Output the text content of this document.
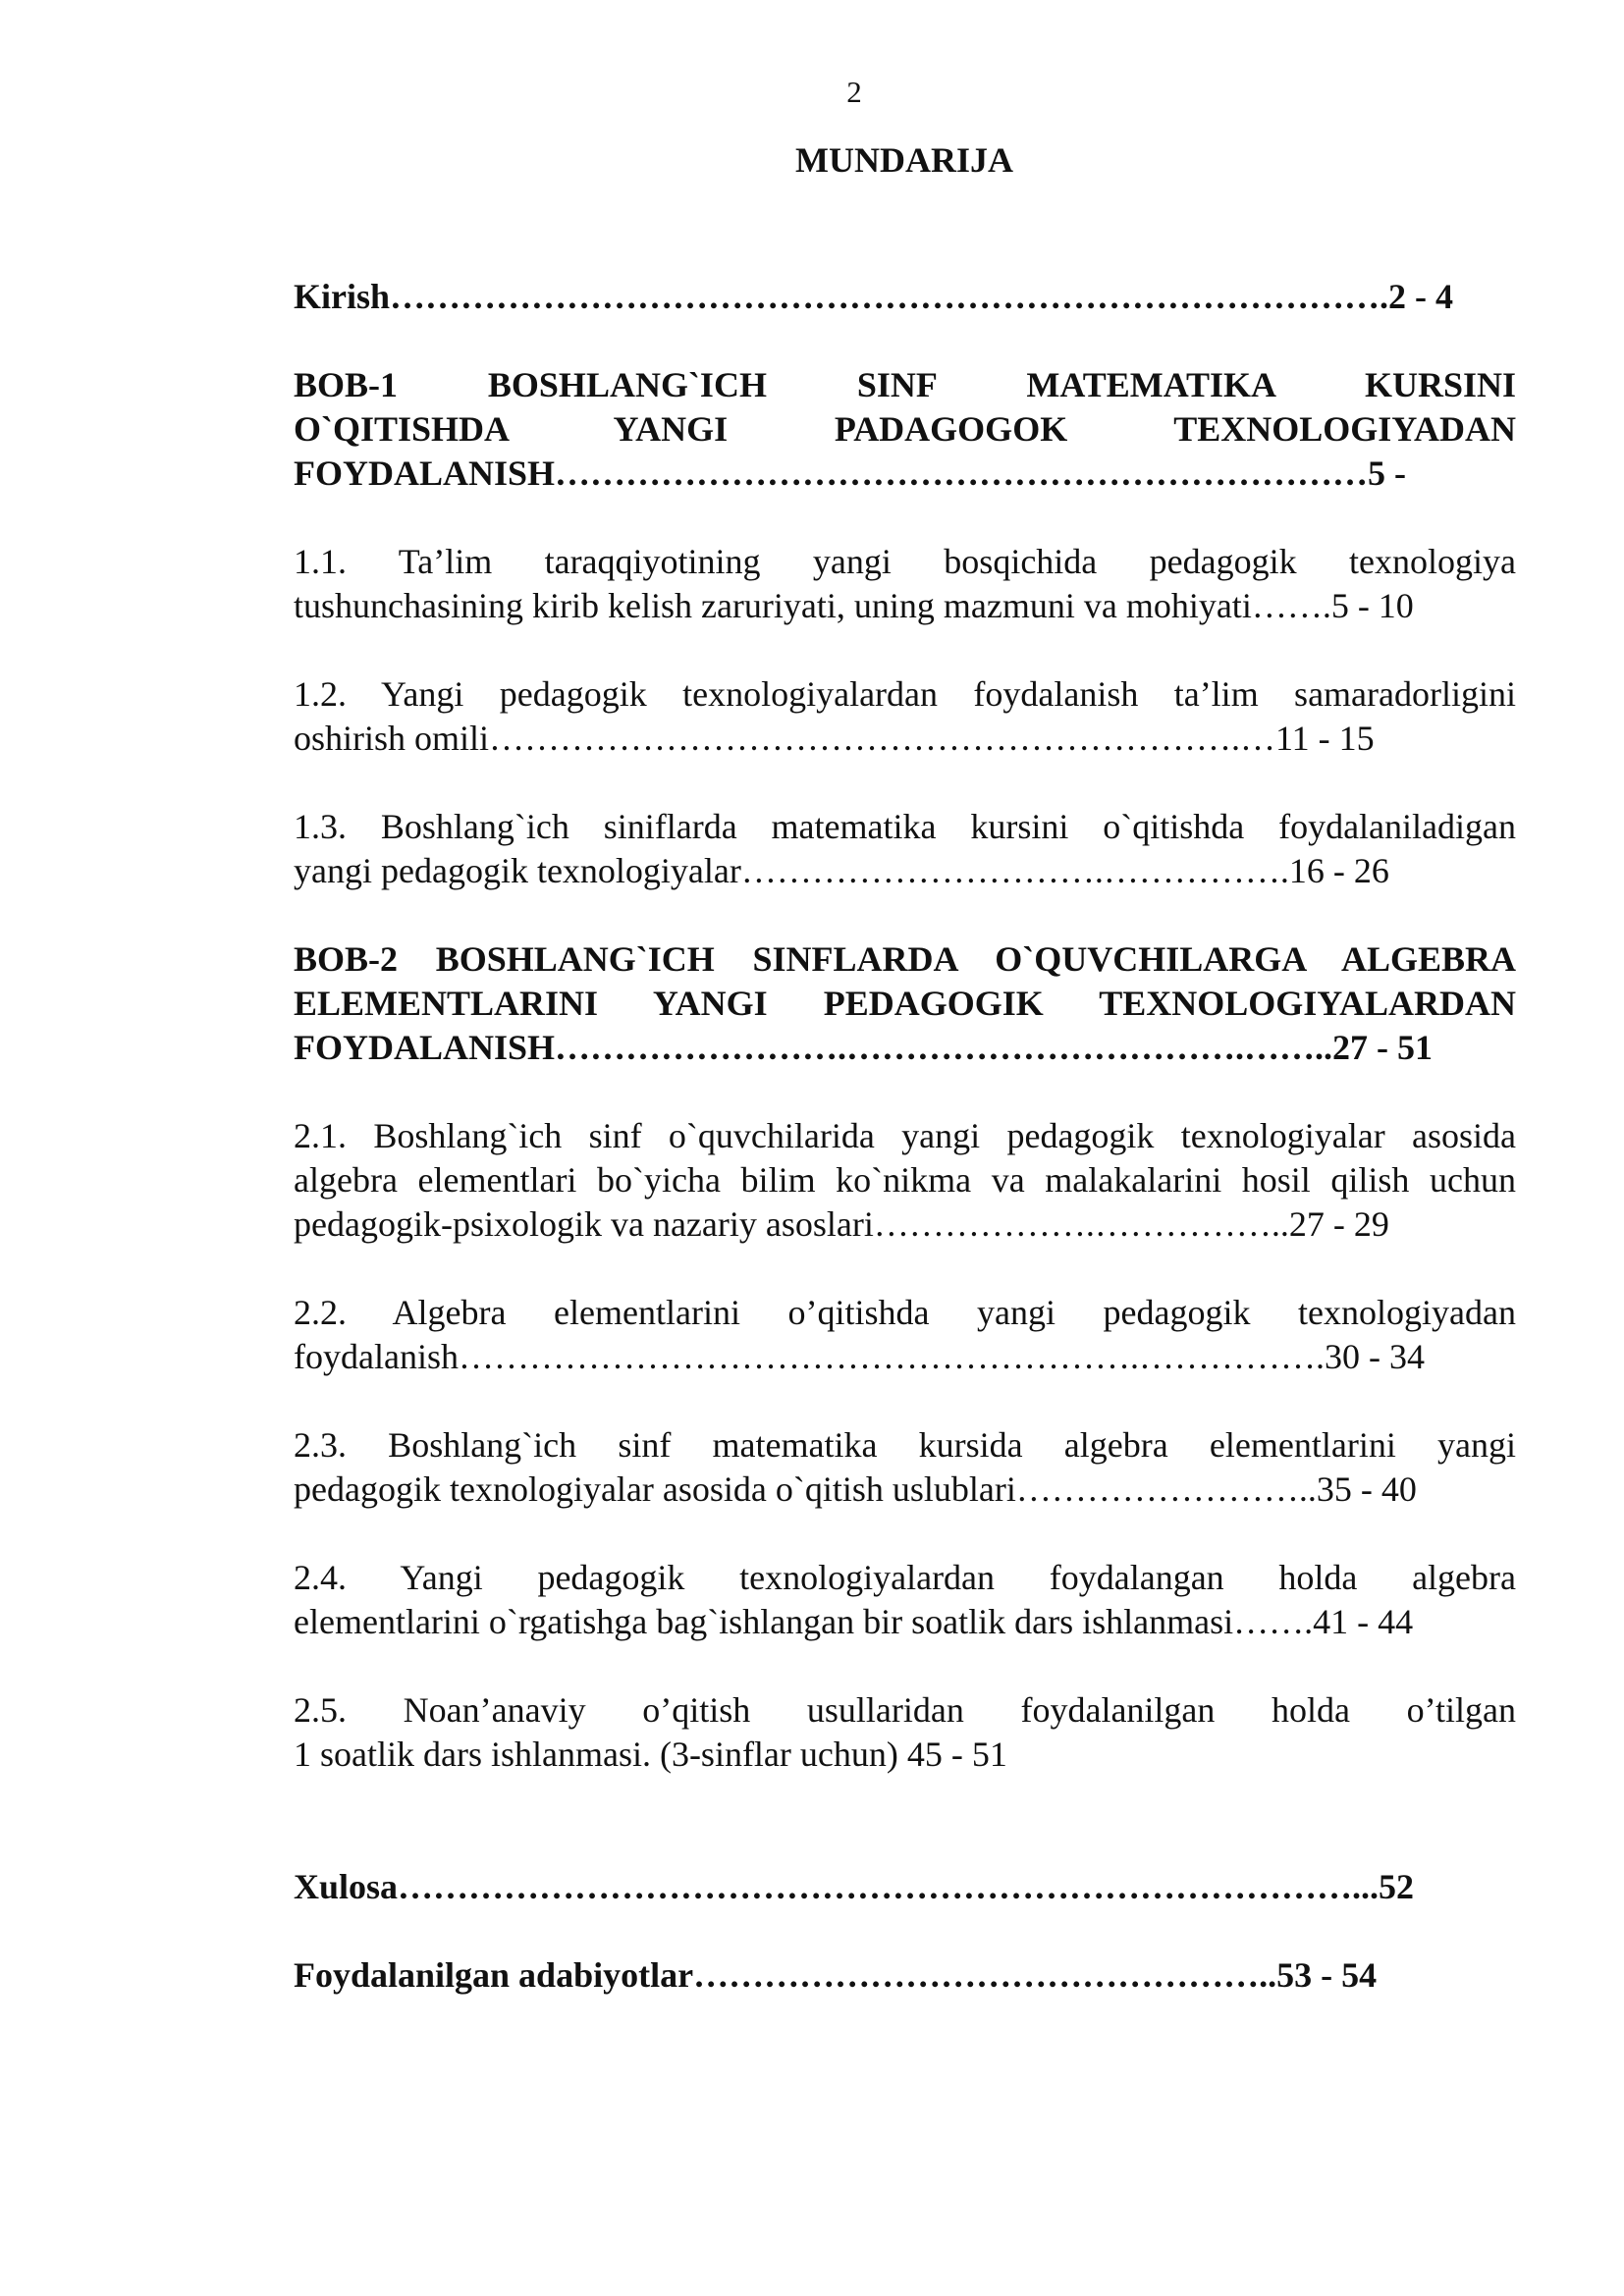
2
MUNDARIJA
Kirish………………………………………………………………………….2 - 4
BOB-1 BOSHLANG`ICH SINF MATEMATIKA KURSINI
O`QITISHDA YANGI PADAGOGOK TEXNOLOGIYADAN
FOYDALANISH……………………………………………………………5 -
1.1. Ta’lim taraqqiyotining yangi bosqichida pedagogik texnologiya
tushunchasining kirib kelish zaruriyati, uning mazmuni va mohiyati…….5 - 10
1.2. Yangi pedagogik texnologiyalardan foydalanish ta’lim samaradorligini
oshirish omili……………………………………………………….…11 - 15
1.3. Boshlang`ich siniflarda matematika kursini o`qitishda foydalaniladigan
yangi pedagogik texnologiyalar………………………….…………….16 - 26
BOB-2 BOSHLANG`ICH SINFLARDA O`QUVCHILARGA ALGEBRA
ELEMENTLARINI YANGI PEDAGOGIK TEXNOLOGIYALARDAN
FOYDALANISH…………………….…………………………….……..27 - 51
2.1. Boshlang`ich sinf o`quvchilarida yangi pedagogik texnologiyalar asosida
algebra elementlari bo`yicha bilim ko`nikma va malakalarini hosil qilish uchun
pedagogik-psixologik va nazariy asoslari……………….……………..27 - 29
2.2. Algebra elementlarini o’qitishda yangi pedagogik texnologiyadan
foydalanish………………………………………………….…………….30 - 34
2.3. Boshlang`ich sinf matematika kursida algebra elementlarini yangi
pedagogik texnologiyalar asosida o`qitish uslublari……………………..35 - 40
2.4. Yangi pedagogik texnologiyalardan foydalangan holda algebra
elementlarini o`rgatishga bag`ishlangan bir soatlik dars ishlanmasi…….41 - 44
2.5. Noan’anaviy o’qitish usullaridan foydalanilgan holda o’tilgan
1 soatlik dars ishlanmasi. (3-sinflar uchun) 45 - 51
Xulosa………………………………………………………………………...52
Foydalanilgan adabiyotlar…………………………………………..53 - 54
